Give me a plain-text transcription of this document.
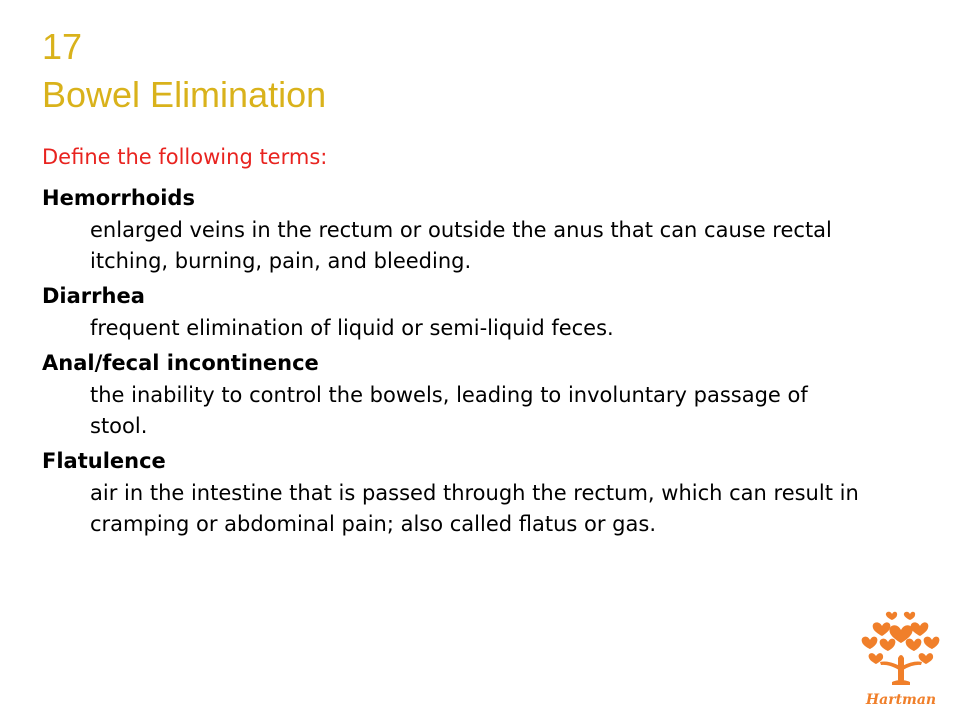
17
Bowel Elimination
Define the following terms:
Hemorrhoids
enlarged veins in the rectum or outside the anus that can cause rectal itching, burning, pain, and bleeding.
Diarrhea
frequent elimination of liquid or semi-liquid feces.
Anal/fecal incontinence
the inability to control the bowels, leading to involuntary passage of stool.
Flatulence
air in the intestine that is passed through the rectum, which can result in cramping or abdominal pain; also called flatus or gas.
Hartman
